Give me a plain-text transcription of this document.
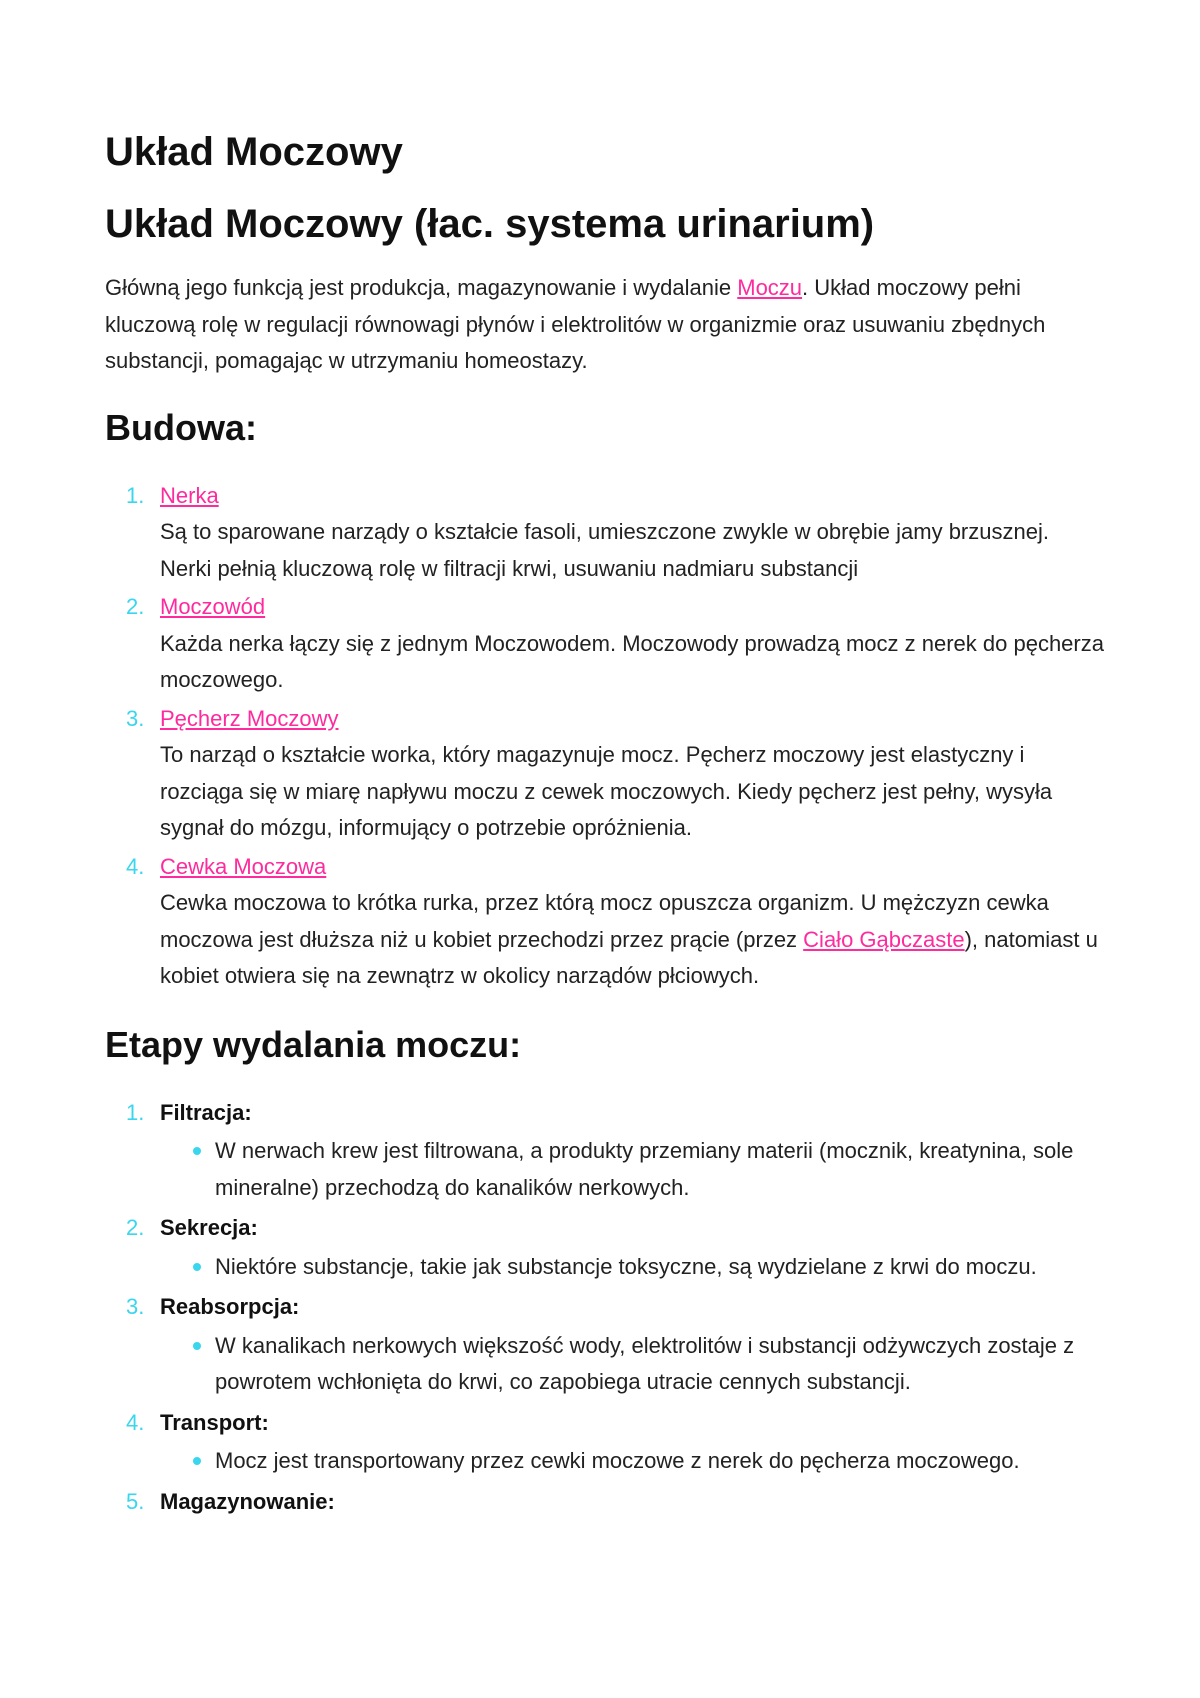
Układ Moczowy
Układ Moczowy (łac. systema urinarium)

Główną jego funkcją jest produkcja, magazynowanie i wydalanie Moczu. Układ moczowy pełni kluczową rolę w regulacji równowagi płynów i elektrolitów w organizmie oraz usuwaniu zbędnych substancji, pomagając w utrzymaniu homeostazy.

Budowa:
1. Nerka
Są to sparowane narządy o kształcie fasoli, umieszczone zwykle w obrębie jamy brzusznej. Nerki pełnią kluczową rolę w filtracji krwi, usuwaniu nadmiaru substancji
2. Moczowód
Każda nerka łączy się z jednym Moczowodem. Moczowody prowadzą mocz z nerek do pęcherza moczowego.
3. Pęcherz Moczowy
To narząd o kształcie worka, który magazynuje mocz. Pęcherz moczowy jest elastyczny i rozciąga się w miarę napływu moczu z cewek moczowych. Kiedy pęcherz jest pełny, wysyła sygnał do mózgu, informujący o potrzebie opróżnienia.
4. Cewka Moczowa
Cewka moczowa to krótka rurka, przez którą mocz opuszcza organizm. U mężczyzn cewka moczowa jest dłuższa niż u kobiet przechodzi przez prącie (przez Ciało Gąbczaste), natomiast u kobiet otwiera się na zewnątrz w okolicy narządów płciowych.
Etapy wydalania moczu:
1. Filtracja:
W nerwach krew jest filtrowana, a produkty przemiany materii (mocznik, kreatynina, sole mineralne) przechodzą do kanalików nerkowych.
2. Sekrecja:
Niektóre substancje, takie jak substancje toksyczne, są wydzielane z krwi do moczu.
3. Reabsorpcja:
W kanalikach nerkowych większość wody, elektrolitów i substancji odżywczych zostaje z powrotem wchłonięta do krwi, co zapobiega utracie cennych substancji.
4. Transport:
Mocz jest transportowany przez cewki moczowe z nerek do pęcherza moczowego.
5. Magazynowanie:
